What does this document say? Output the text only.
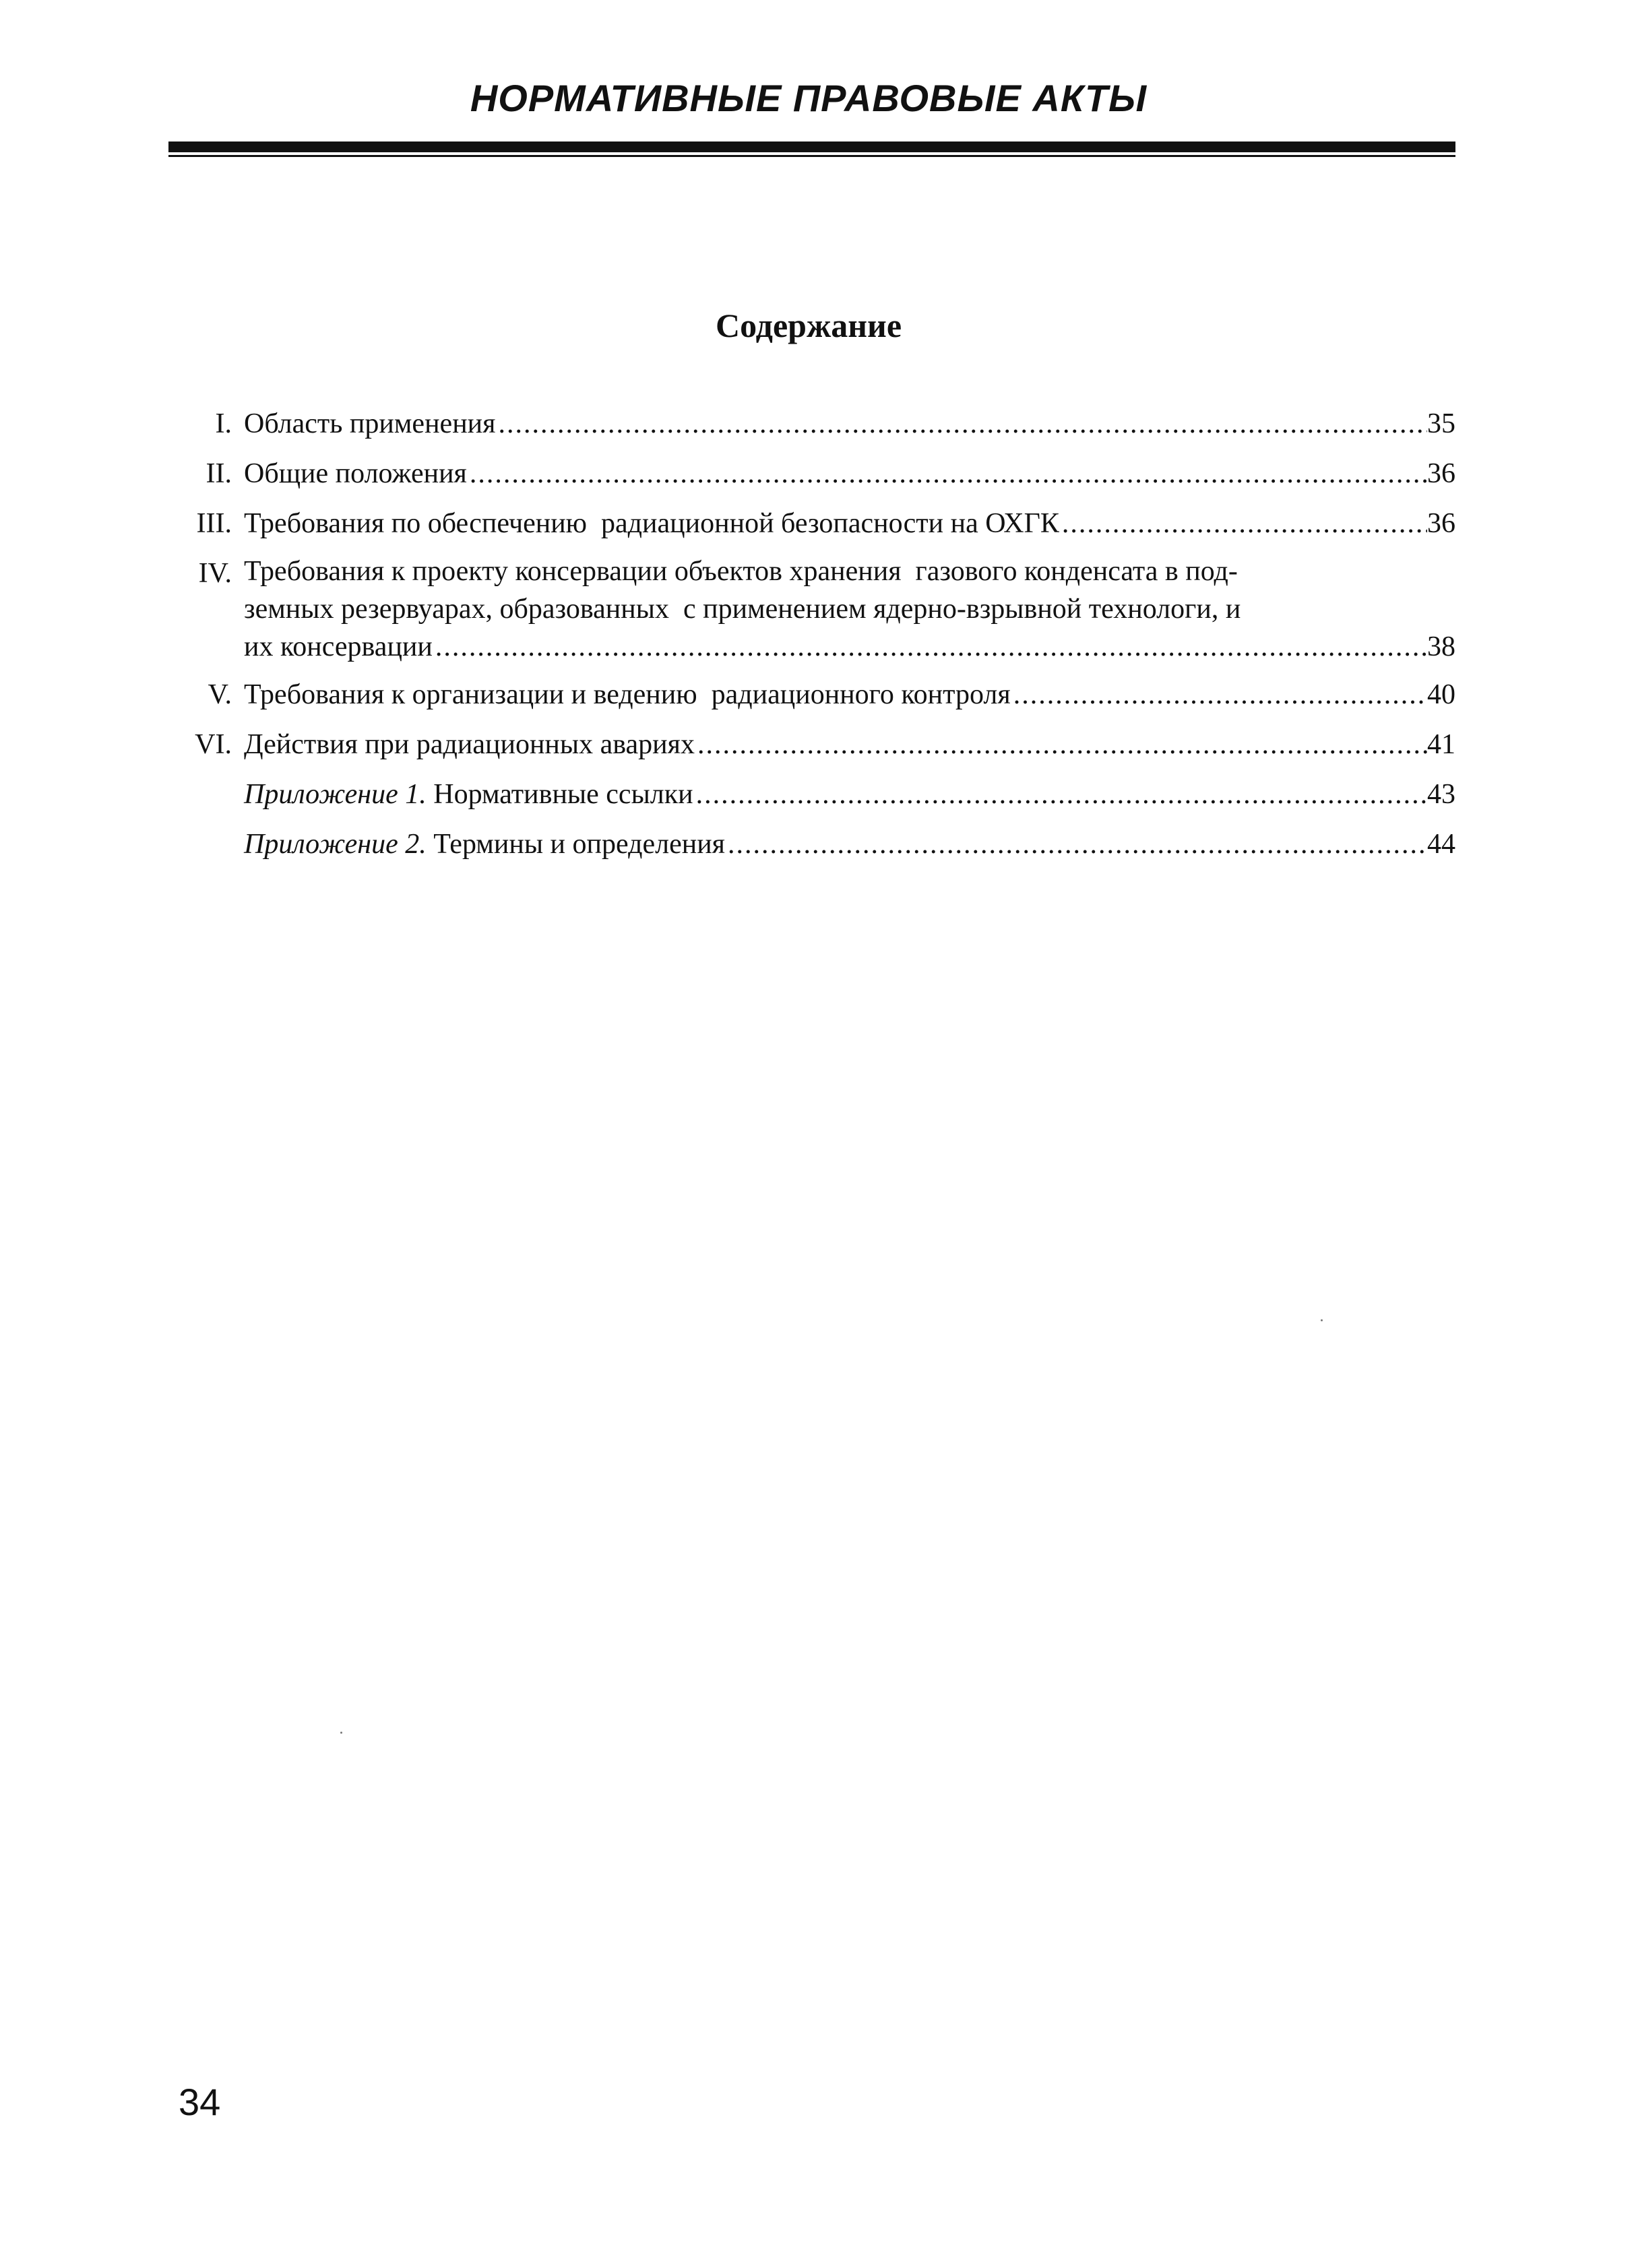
НОРМАТИВНЫЕ ПРАВОВЫЕ АКТЫ
Содержание
I. Область применения .....	35
II. Общие положения .....	36
III. Требования по обеспечению  радиационной безопасности на ОХГК .....	36
IV. Требования к проекту консервации объектов хранения  газового конденсата в под-
земных резервуарах, образованных  с применением ядерно-взрывной технологи, и
их консервации .....	38
V. Требования к организации и ведению  радиационного контроля .....	40
VI. Действия при радиационных авариях .....	41
Приложение 1. Нормативные ссылки .....	43
Приложение 2. Термины и определения .....	44
34
